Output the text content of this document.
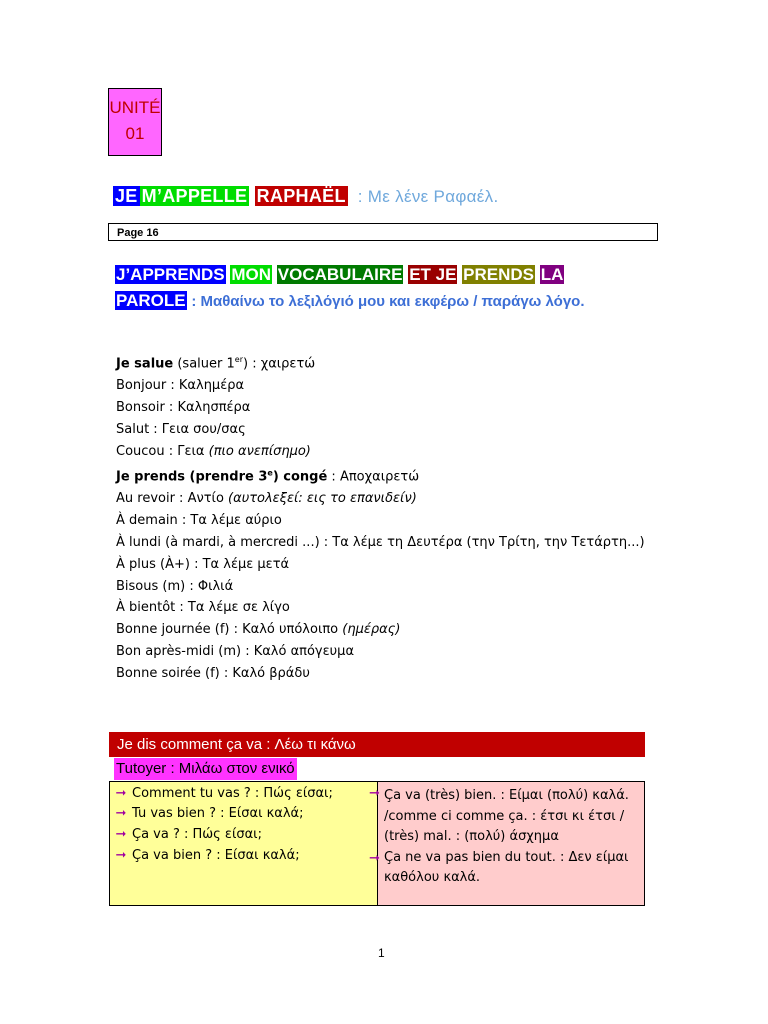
UNITÉ
01
JE M’APPELLE RAPHAËL : Με λένε Ραφαέλ.
Page 16
J’APPRENDS MON VOCABULAIRE ET JE PRENDS LA
PAROLE : Μαθαίνω το λεξιλόγιό μου και εκφέρω / παράγω λόγο.
Je salue (saluer 1er) : χαιρετώ
Bonjour : Καλημέρα
Bonsoir : Καλησπέρα
Salut : Γεια σου/σας
Coucou : Γεια (πιο ανεπίσημο)
Je prends (prendre 3e) congé : Αποχαιρετώ
Au revoir : Αντίο (αυτολεξεί: εις το επανιδείν)
À demain : Τα λέμε αύριο
À lundi (à mardi, à mercredi ...) : Τα λέμε τη Δευτέρα (την Τρίτη, την Τετάρτη...)
À plus (À+) : Τα λέμε μετά
Bisous (m) : Φιλιά
À bientôt : Τα λέμε σε λίγο
Bonne journée (f) : Καλό υπόλοιπο (ημέρας)
Bon après-midi (m) : Καλό απόγευμα
Bonne soirée (f) : Καλό βράδυ
Je dis comment ça va : Λέω τι κάνω
Tutoyer : Μιλάω στον ενικό
➞ Comment tu vas ? : Πώς είσαι;
➞ Tu vas bien ? : Είσαι καλά;
➞ Ça va ? : Πώς είσαι;
➞ Ça va bien ? : Είσαι καλά;
➞ Ça va (très) bien. : Είμαι (πολύ) καλά. /comme ci comme ça. : έτσι κι έτσι / (très) mal. : (πολύ) άσχημα
➞ Ça ne va pas bien du tout. : Δεν είμαι καθόλου καλά.
1
